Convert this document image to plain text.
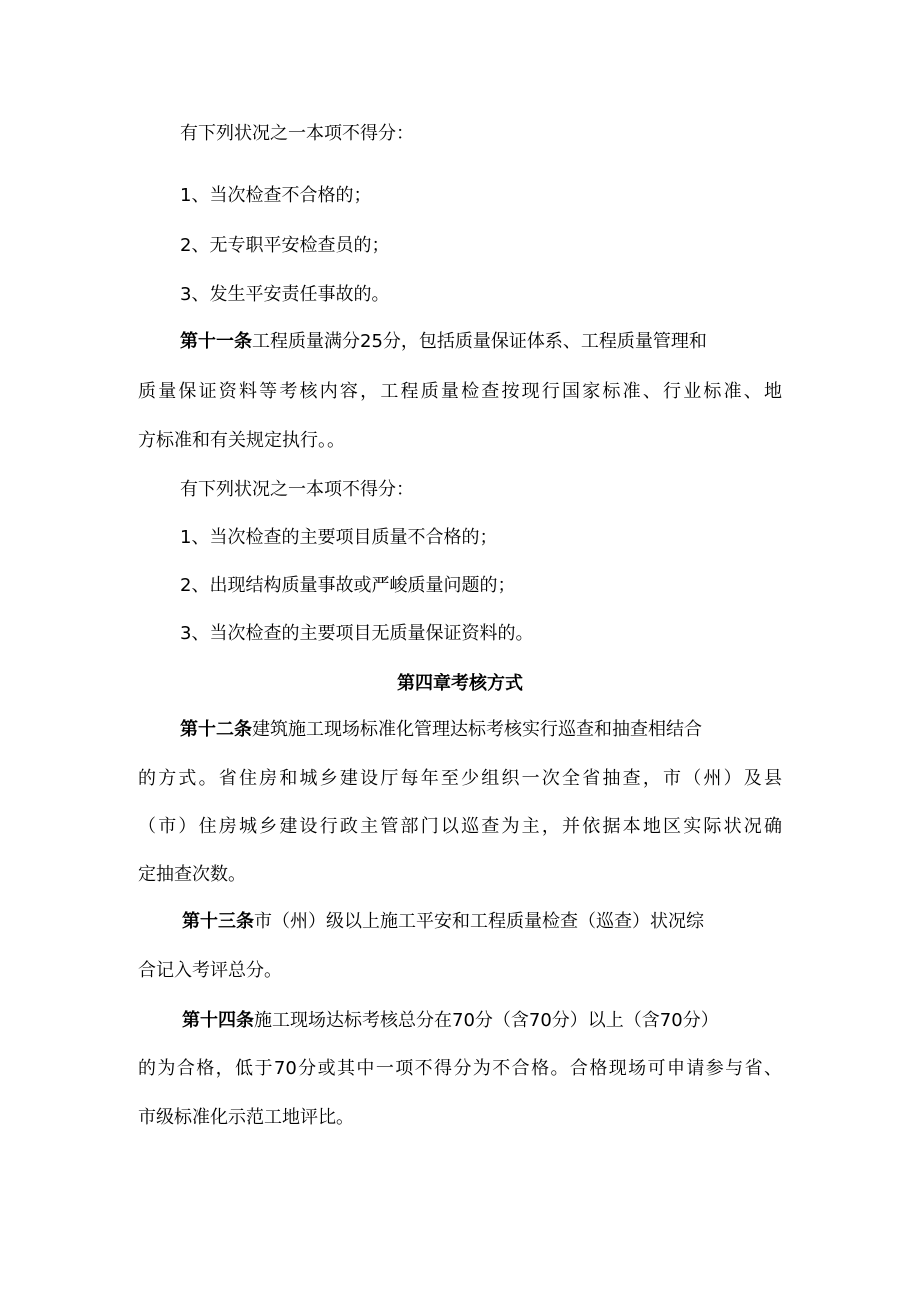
有下列状况之一本项不得分：
1、当次检查不合格的；
2、无专职平安检查员的；
3、发生平安责任事故的。
第十一条工程质量满分25分，包括质量保证体系、工程质量管理和
质量保证资料等考核内容，工程质量检查按现行国家标准、行业标准、地
方标准和有关规定执行。。
有下列状况之一本项不得分：
1、当次检查的主要项目质量不合格的；
2、出现结构质量事故或严峻质量问题的；
3、当次检查的主要项目无质量保证资料的。
第四章考核方式
第十二条建筑施工现场标准化管理达标考核实行巡查和抽查相结合
的方式。省住房和城乡建设厅每年至少组织一次全省抽查，市（州）及县
（市）住房城乡建设行政主管部门以巡查为主，并依据本地区实际状况确
定抽查次数。
第十三条市（州）级以上施工平安和工程质量检查（巡查）状况综
合记入考评总分。
第十四条施工现场达标考核总分在70分（含70分）以上（含70分）
的为合格，低于70分或其中一项不得分为不合格。合格现场可申请参与省、
市级标准化示范工地评比。
